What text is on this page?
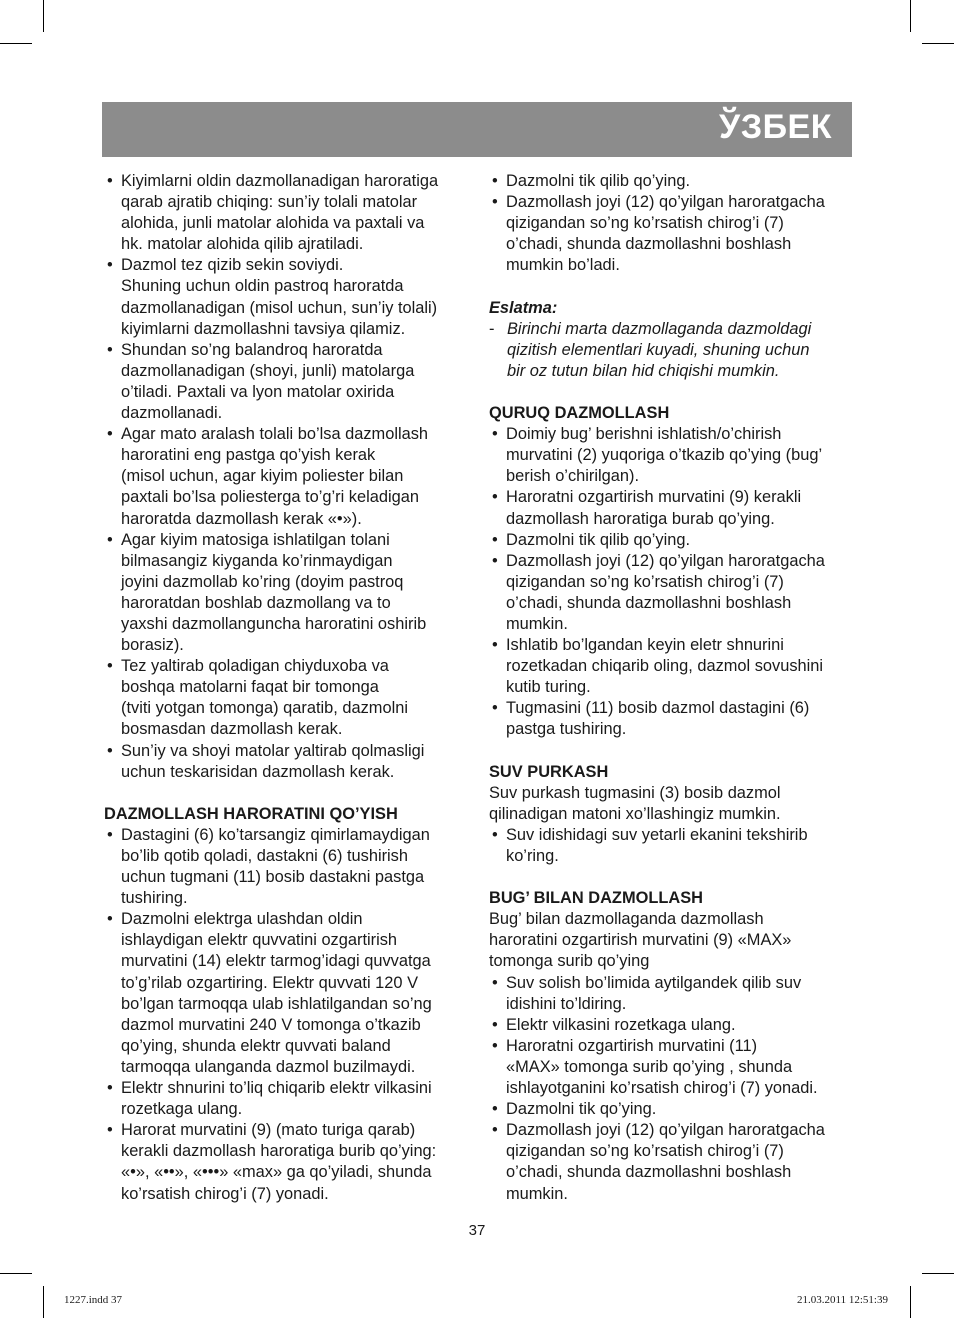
ЎЗБЕК
• Kiyimlarni oldin dazmollanadigan haroratiga
qarab ajratib chiqing: sun’iy tolali matolar
alohida, junli matolar alohida va paxtali va
hk. matolar alohida qilib ajratiladi.
• Dazmol tez qizib sekin soviydi.
Shuning uchun oldin pastroq haroratda
dazmollanadigan (misol uchun, sun’iy tolali)
kiyimlarni dazmollashni tavsiya qilamiz.
• Shundan so’ng balandroq haroratda
dazmollanadigan (shoyi, junli) matolarga
o’tiladi. Paxtali va lyon matolar oxirida
dazmollanadi.
• Agar mato aralash tolali bo’lsa dazmollash
haroratini eng pastga qo’yish kerak
(misol uchun, agar kiyim poliester bilan
paxtali bo’lsa poliesterga to’g’ri keladigan
haroratda dazmollash kerak «•»).
• Agar kiyim matosiga ishlatilgan tolani
bilmasangiz kiyganda ko’rinmaydigan
joyini dazmollab ko’ring (doyim pastroq
haroratdan boshlab dazmollang va to
yaxshi dazmollanguncha haroratini oshirib
borasiz).
• Tez yaltirab qoladigan chiyduxoba va
boshqa matolarni faqat bir tomonga
(tviti yotgan tomonga) qaratib, dazmolni
bosmasdan dazmollash kerak.
• Sun’iy va shoyi matolar yaltirab qolmasligi
uchun teskarisidan dazmollash kerak.

DAZMOLLASH HARORATINI QO’YISH

• Dastagini (6) ko’tarsangiz qimirlamaydigan
bo’lib qotib qoladi, dastakni (6) tushirish
uchun tugmani (11) bosib dastakni pastga
tushiring.
• Dazmolni elektrga ulashdan oldin
ishlaydigan elektr quvvatini ozgartirish
murvatini (14) elektr tarmog’idagi quvvatga
to’g’rilab ozgartiring. Elektr quvvati 120 V
bo’lgan tarmoqqa ulab ishlatilgandan so’ng
dazmol murvatini 240 V tomonga o’tkazib
qo’ying, shunda elektr quvvati baland
tarmoqqa ulanganda dazmol buzilmaydi.
• Elektr shnurini to’liq chiqarib elektr vilkasini
rozetkaga ulang.
• Harorat murvatini (9) (mato turiga qarab)
kerakli dazmollash haroratiga burib qo’ying:
«•», «••», «•••» «max» ga qo’yiladi, shunda
ko’rsatish chirog’i (7) yonadi.
• Dazmolni tik qilib qo’ying.
• Dazmollash joyi (12) qo’yilgan haroratgacha
qizigandan so’ng ko’rsatish chirog’i (7)
o’chadi, shunda dazmollashni boshlash
mumkin bo’ladi.

Eslatma:

- Birinchi marta dazmollaganda dazmoldagi
qizitish elementlari kuyadi, shuning uchun
bir oz tutun bilan hid chiqishi mumkin.

QURUQ DAZMOLLASH

• Doimiy bug’ berishni ishlatish/o’chirish
murvatini (2) yuqoriga o’tkazib qo’ying (bug’
berish o’chirilgan).
• Haroratni ozgartirish murvatini (9) kerakli
dazmollash haroratiga burab qo’ying.
• Dazmolni tik qilib qo’ying.
• Dazmollash joyi (12) qo’yilgan haroratgacha
qizigandan so’ng ko’rsatish chirog’i (7)
o’chadi, shunda dazmollashni boshlash
mumkin.
• Ishlatib bo’lgandan keyin eletr shnurini
rozetkadan chiqarib oling, dazmol sovushini
kutib turing.
• Tugmasini (11) bosib dazmol dastagini (6)
pastga tushiring.

SUV PURKASH

Suv purkash tugmasini (3) bosib dazmol
qilinadigan matoni xo’llashingiz mumkin.

• Suv idishidagi suv yetarli ekanini tekshirib
ko’ring.

BUG’ BILAN DAZMOLLASH

Bug’ bilan dazmollaganda dazmollash
haroratini ozgartirish murvatini (9) «MAX»
tomonga surib qo’ying

• Suv solish bo’limida aytilgandek qilib suv
idishini to’ldiring.
• Elektr vilkasini rozetkaga ulang.
• Haroratni ozgartirish murvatini (11)
«MAX» tomonga surib qo’ying , shunda
ishlayotganini ko’rsatish chirog’i (7) yonadi.
• Dazmolni tik qo’ying.
• Dazmollash joyi (12) qo’yilgan haroratgacha
qizigandan so’ng ko’rsatish chirog’i (7)
o’chadi, shunda dazmollashni boshlash
mumkin.
37
1227.indd 37	21.03.2011 12:51:39
